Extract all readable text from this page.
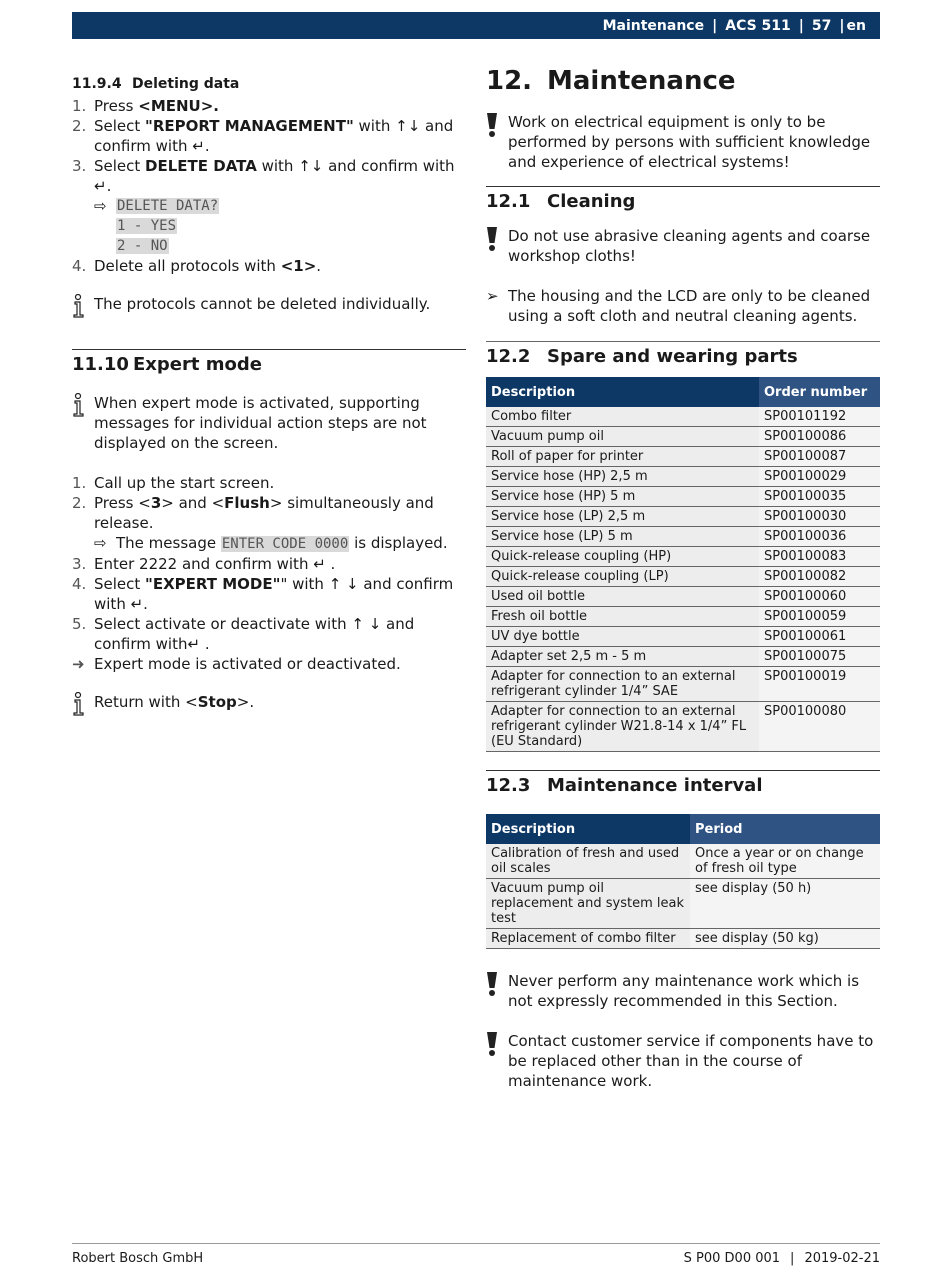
Maintenance | ACS 511 | 57 | en
11.9.4 Deleting data
1. Press <MENU>.
2. Select "REPORT MANAGEMENT" with ↑↓ and confirm with ↵.
3. Select DELETE DATA with ↑↓ and confirm with ↵.
⇨ DELETE DATA?
1 - YES
2 - NO
4. Delete all protocols with <1>.
The protocols cannot be deleted individually.
11.10 Expert mode
When expert mode is activated, supporting messages for individual action steps are not displayed on the screen.
1. Call up the start screen.
2. Press <3> and <Flush> simultaneously and release.
⇨ The message ENTER CODE 0000 is displayed.
3. Enter 2222 and confirm with ↵ .
4. Select "EXPERT MODE"" with ↑ ↓ and confirm with ↵.
5. Select activate or deactivate with ↑ ↓ and confirm with↵ .
➜ Expert mode is activated or deactivated.
Return with <Stop>.
12. Maintenance
Work on electrical equipment is only to be performed by persons with sufficient knowledge and experience of electrical systems!
12.1 Cleaning
Do not use abrasive cleaning agents and coarse workshop cloths!
➢ The housing and the LCD are only to be cleaned using a soft cloth and neutral cleaning agents.
12.2 Spare and wearing parts
Description	Order number
Combo filter	SP00101192
Vacuum pump oil	SP00100086
Roll of paper for printer	SP00100087
Service hose (HP) 2,5 m	SP00100029
Service hose (HP) 5 m	SP00100035
Service hose (LP) 2,5 m	SP00100030
Service hose (LP) 5 m	SP00100036
Quick-release coupling (HP)	SP00100083
Quick-release coupling (LP)	SP00100082
Used oil bottle	SP00100060
Fresh oil bottle	SP00100059
UV dye bottle	SP00100061
Adapter set 2,5 m - 5 m	SP00100075
Adapter for connection to an external refrigerant cylinder 1/4” SAE	SP00100019
Adapter for connection to an external refrigerant cylinder W21.8-14 x 1/4” FL (EU Standard)	SP00100080
12.3 Maintenance interval
Description	Period
Calibration of fresh and used oil scales	Once a year or on change of fresh oil type
Vacuum pump oil replacement and system leak test	see display (50 h)
Replacement of combo filter	see display (50 kg)
Never perform any maintenance work which is not expressly recommended in this Section.
Contact customer service if components have to be replaced other than in the course of maintenance work.
Robert Bosch GmbH	S P00 D00 001 | 2019-02-21
